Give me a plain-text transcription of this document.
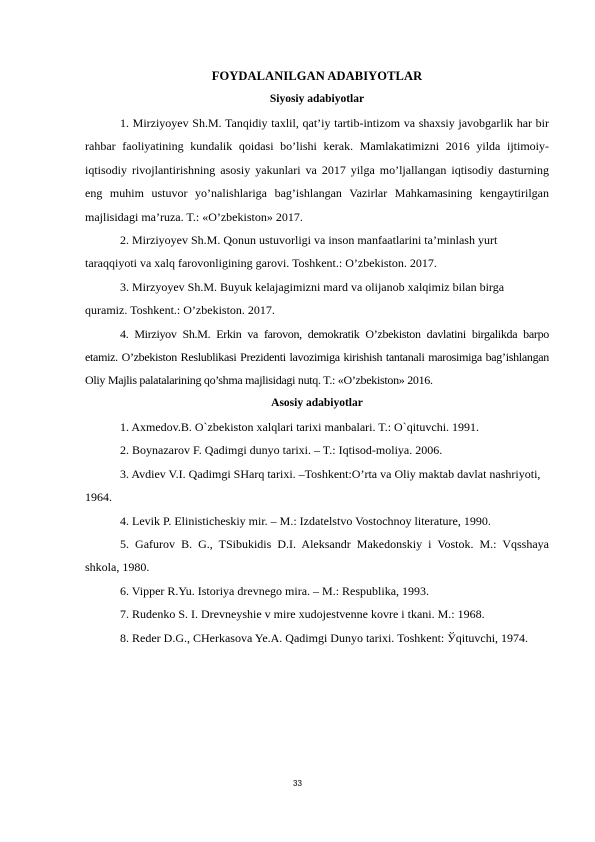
FOYDALANILGAN ADABIYOTLAR
Siyosiy adabiyotlar

1. Mirziyoyev Sh.M. Tanqidiy taxlil, qat’iy tartib-intizom va shaxsiy javobgarlik har bir rahbar faoliyatining kundalik qoidasi bo’lishi kerak. Mamlakatimizni 2016 yilda ijtimoiy-iqtisodiy rivojlantirishning asosiy yakunlari va 2017 yilga mo’ljallangan iqtisodiy dasturning eng muhim ustuvor yo’nalishlariga bag’ishlangan Vazirlar Mahkamasining kengaytirilgan majlisidagi ma’ruza. T.: «O’zbekiston» 2017.

2. Mirziyoyev Sh.M. Qonun ustuvorligi va inson manfaatlarini ta’minlash yurt taraqqiyoti va xalq farovonligining garovi. Toshkent.: O’zbekiston. 2017.

3. Mirzyoyev Sh.M. Buyuk kelajagimizni mard va olijanob xalqimiz bilan birga quramiz. Toshkent.: O’zbekiston. 2017.

4. Mirziyov Sh.M. Erkin va farovon, demokratik O’zbekiston davlatini birgalikda barpo etamiz. O’zbekiston Reslublikasi Prezidenti lavozimiga kirishish tantanali marosimiga bag’ishlangan Oliy Majlis palatalarining qo’shma majlisidagi nutq. T.: «O’zbekiston» 2016.

Asosiy adabiyotlar

1. Axmedov.B. O`zbekiston xalqlari tarixi manbalari. T.: O`qituvchi. 1991.

2. Boynazarov F. Qadimgi dunyo tarixi. – T.: Iqtisod-moliya. 2006.

3. Avdiev V.I. Qadimgi SHarq tarixi. –Toshkent:O’rta va Oliy maktab davlat nashriyoti, 1964.

4. Levik P. Elinisticheskiy mir. – M.: Izdatelstvo Vostochnoy literature, 1990.

5. Gafurov B. G., TSibukidis D.I. Aleksandr Makedonskiy i Vostok. M.: Vqsshaya shkola, 1980.

6. Vipper R.Yu. Istoriya drevnego mira. – M.: Respublika, 1993.

7. Rudenko S. I. Drevneyshie v mire xudojestvenne kovre i tkani. M.: 1968.

8. Reder D.G., CHerkasova Ye.A. Qadimgi Dunyo tarixi. Toshkent: Ўqituvchi, 1974.

33
